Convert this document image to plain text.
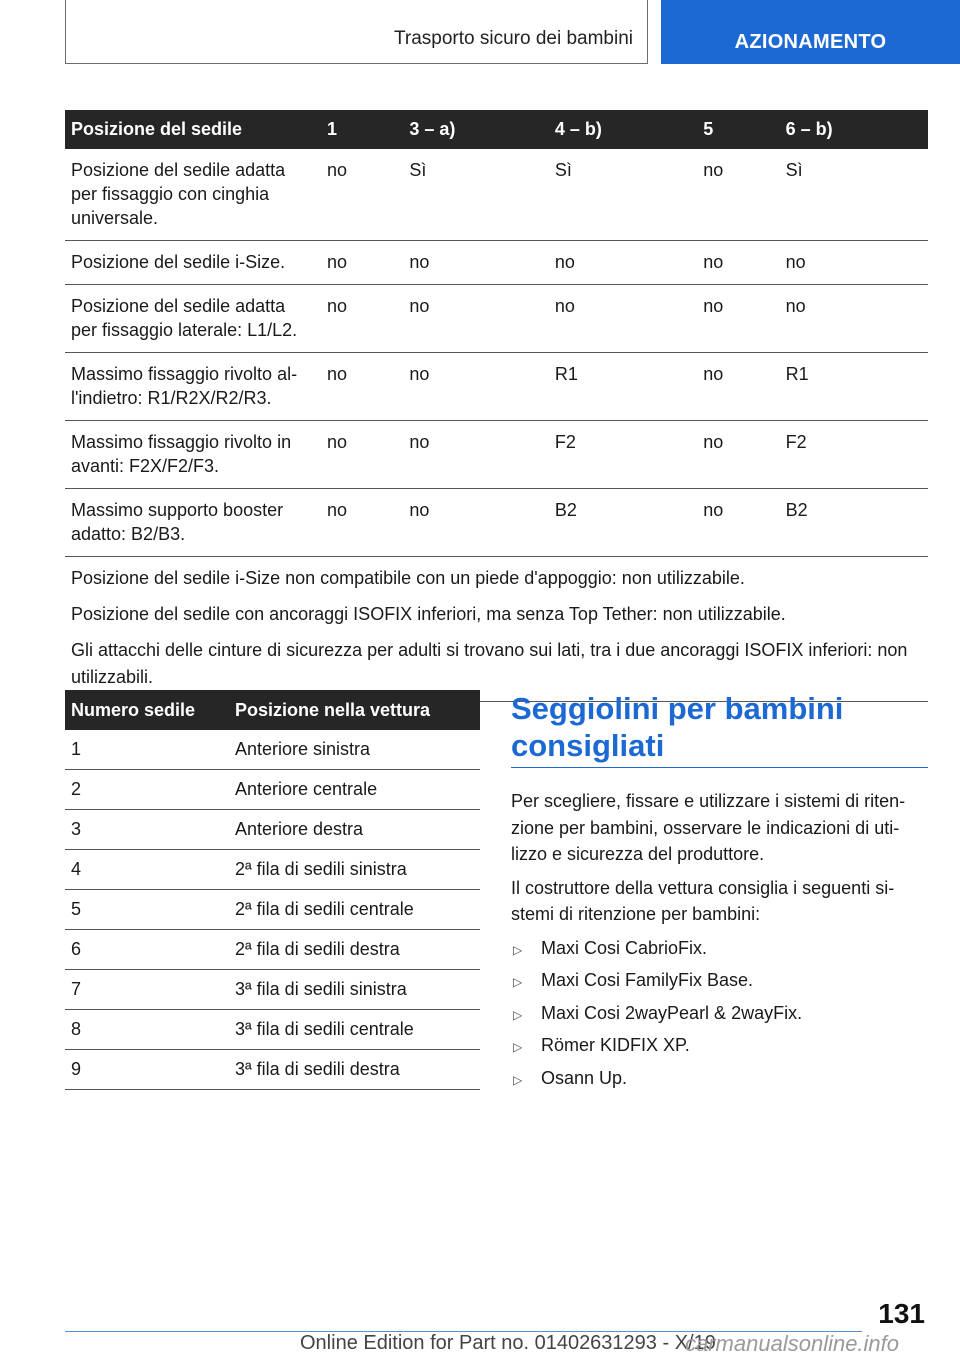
Trasporto sicuro dei bambini	AZIONAMENTO
Posizione del sedile	1	3 – a)	4 – b)	5	6 – b)
Posizione del sedile adatta per fissaggio con cinghia universale.	no	Sì	Sì	no	Sì
Posizione del sedile i-Size.	no	no	no	no	no
Posizione del sedile adatta per fissaggio laterale: L1/L2.	no	no	no	no	no
Massimo fissaggio rivolto al-l'indietro: R1/R2X/R2/R3.	no	no	R1	no	R1
Massimo fissaggio rivolto in avanti: F2X/F2/F3.	no	no	F2	no	F2
Massimo supporto booster adatto: B2/B3.	no	no	B2	no	B2

Posizione del sedile i-Size non compatibile con un piede d'appoggio: non utilizzabile.

Posizione del sedile con ancoraggi ISOFIX inferiori, ma senza Top Tether: non utilizzabile.

Gli attacchi delle cinture di sicurezza per adulti si trovano sui lati, tra i due ancoraggi ISOFIX inferiori: non utilizzabili.					

Numero sedile	Posizione nella vettura
1	Anteriore sinistra
2	Anteriore centrale
3	Anteriore destra
4	2ª fila di sedili sinistra
5	2ª fila di sedili centrale
6	2ª fila di sedili destra
7	3ª fila di sedili sinistra
8	3ª fila di sedili centrale
9	3ª fila di sedili destra
Seggiolini per bambini consigliati

Per scegliere, fissare e utilizzare i sistemi di riten-zione per bambini, osservare le indicazioni di uti-lizzo e sicurezza del produttore.

Il costruttore della vettura consiglia i seguenti si-stemi di ritenzione per bambini:

▷ Maxi Cosi CabrioFix.
▷ Maxi Cosi FamilyFix Base.
▷ Maxi Cosi 2wayPearl & 2wayFix.
▷ Römer KIDFIX XP.
▷ Osann Up.
131
Online Edition for Part no. 01402631293 - X/19
carmanualsonline.info
